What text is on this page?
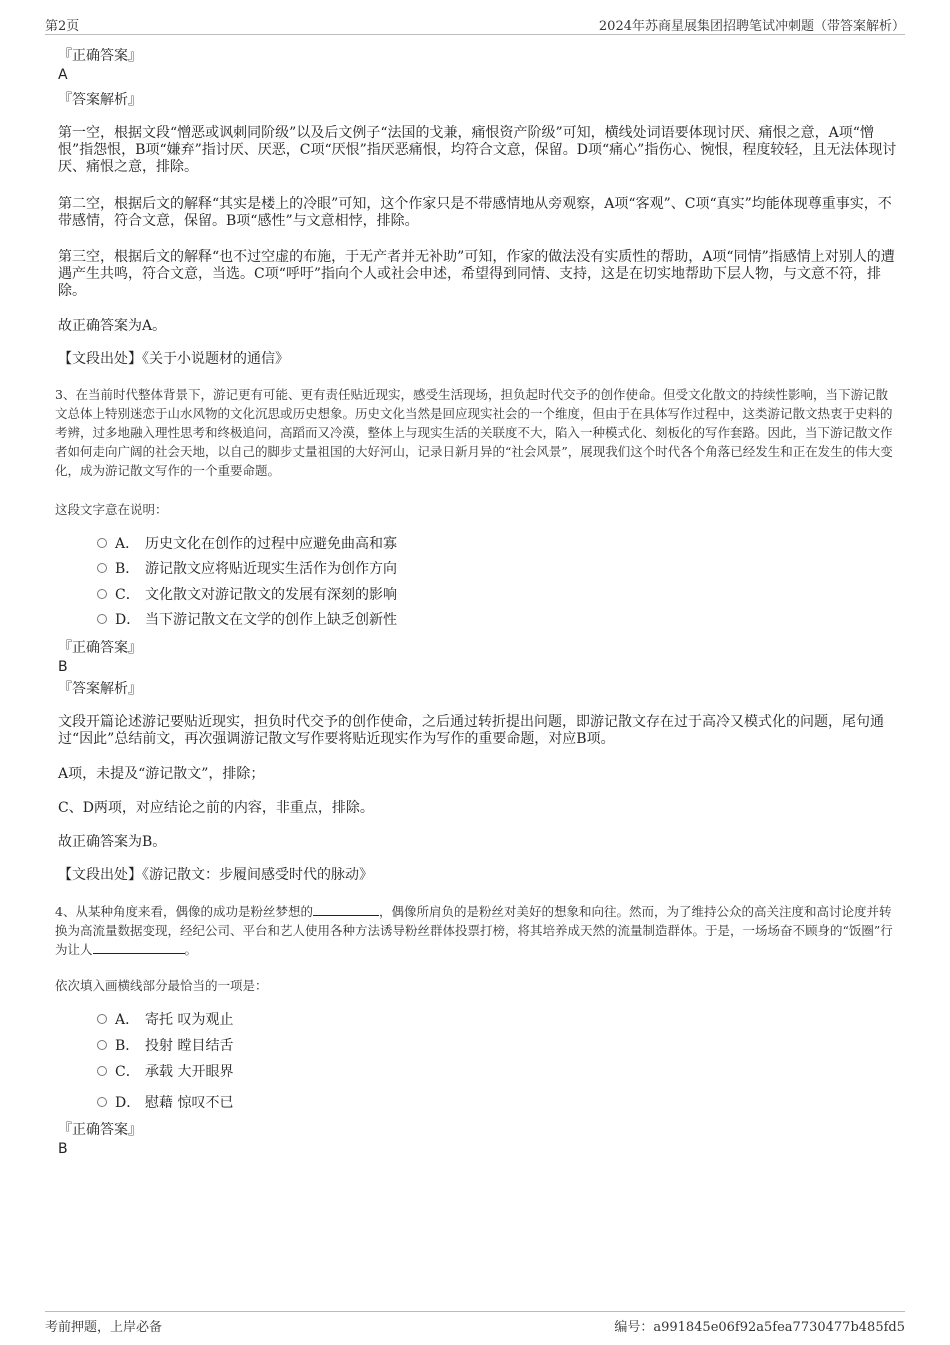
第2页	2024年苏商星展集团招聘笔试冲刺题（带答案解析）
『正确答案』
A
『答案解析』
第一空，根据文段“憎恶或讽刺同阶级”以及后文例子“法国的戈兼，痛恨资产阶级”可知，横线处词语要体现讨厌、痛恨之意，A项“憎恨”指怨恨，B项“嫌弃”指讨厌、厌恶，C项“厌恨”指厌恶痛恨，均符合文意，保留。D项“痛心”指伤心、惋恨，程度较轻，且无法体现讨厌、痛恨之意，排除。
第二空，根据后文的解释“其实是楼上的冷眼”可知，这个作家只是不带感情地从旁观察，A项“客观”、C项“真实”均能体现尊重事实，不带感情，符合文意，保留。B项“感性”与文意相悖，排除。
第三空，根据后文的解释“也不过空虚的布施，于无产者并无补助”可知，作家的做法没有实质性的帮助，A项“同情”指感情上对别人的遭遇产生共鸣，符合文意，当选。C项“呼吁”指向个人或社会申述，希望得到同情、支持，这是在切实地帮助下层人物，与文意不符，排除。
故正确答案为A。
【文段出处】《关于小说题材的通信》
3、在当前时代整体背景下，游记更有可能、更有责任贴近现实，感受生活现场，担负起时代交予的创作使命。但受文化散文的持续性影响，当下游记散文总体上特别迷恋于山水风物的文化沉思或历史想象。历史文化当然是回应现实社会的一个维度，但由于在具体写作过程中，这类游记散文热衷于史料的考辨，过多地融入理性思考和终极追问，高蹈而又冷漠，整体上与现实生活的关联度不大，陷入一种模式化、刻板化的写作套路。因此，当下游记散文作者如何走向广阔的社会天地，以自己的脚步丈量祖国的大好河山，记录日新月异的“社会风景”，展现我们这个时代各个角落已经发生和正在发生的伟大变化，成为游记散文写作的一个重要命题。
这段文字意在说明：
A． 历史文化在创作的过程中应避免曲高和寡
B． 游记散文应将贴近现实生活作为创作方向
C． 文化散文对游记散文的发展有深刻的影响
D． 当下游记散文在文学的创作上缺乏创新性
『正确答案』
B
『答案解析』
文段开篇论述游记要贴近现实，担负时代交予的创作使命，之后通过转折提出问题，即游记散文存在过于高冷又模式化的问题，尾句通过“因此”总结前文，再次强调游记散文写作要将贴近现实作为写作的重要命题，对应B项。
A项，未提及“游记散文”，排除；
C、D两项，对应结论之前的内容，非重点，排除。
故正确答案为B。
【文段出处】《游记散文：步履间感受时代的脉动》
4、从某种角度来看，偶像的成功是粉丝梦想的	，偶像所肩负的是粉丝对美好的想象和向往。然而，为了维持公众的高关注度和高讨论度并转换为高流量数据变现，经纪公司、平台和艺人使用各种方法诱导粉丝群体投票打榜，将其培养成天然的流量制造群体。于是，一场场奋不顾身的“饭圈”行为让人	。
依次填入画横线部分最恰当的一项是：
A． 寄托 叹为观止
B． 投射 瞠目结舌
C． 承载 大开眼界
D． 慰藉 惊叹不已
『正确答案』
B
考前押题，上岸必备	编号：a991845e06f92a5fea7730477b485fd5
